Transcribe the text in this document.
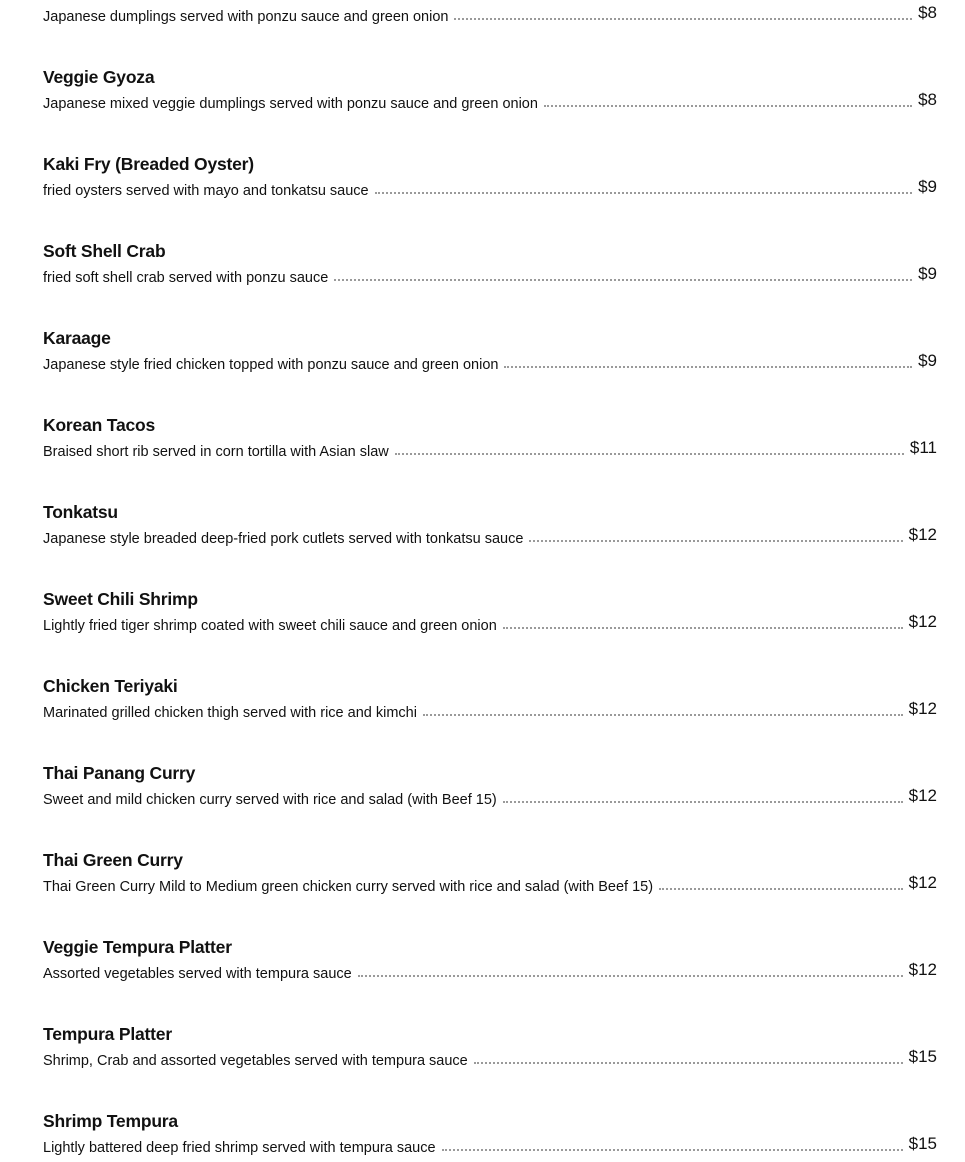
Japanese dumplings served with ponzu sauce and green onion	$8
Veggie Gyoza
Japanese mixed veggie dumplings served with ponzu sauce and green onion	$8
Kaki Fry (Breaded Oyster)
fried oysters served with mayo and tonkatsu sauce	$9
Soft Shell Crab
fried soft shell crab served with ponzu sauce	$9
Karaage
Japanese style fried chicken topped with ponzu sauce and green onion	$9
Korean Tacos
Braised short rib served in corn tortilla with Asian slaw	$11
Tonkatsu
Japanese style breaded deep-fried pork cutlets served with tonkatsu sauce	$12
Sweet Chili Shrimp
Lightly fried tiger shrimp coated with sweet chili sauce and green onion	$12
Chicken Teriyaki
Marinated grilled chicken thigh served with rice and kimchi	$12
Thai Panang Curry
Sweet and mild chicken curry served with rice and salad (with Beef 15)	$12
Thai Green Curry
Thai Green Curry Mild to Medium green chicken curry served with rice and salad (with Beef 15)	$12
Veggie Tempura Platter
Assorted vegetables served with tempura sauce	$12
Tempura Platter
Shrimp, Crab and assorted vegetables served with tempura sauce	$15
Shrimp Tempura
Lightly battered deep fried shrimp served with tempura sauce	$15
